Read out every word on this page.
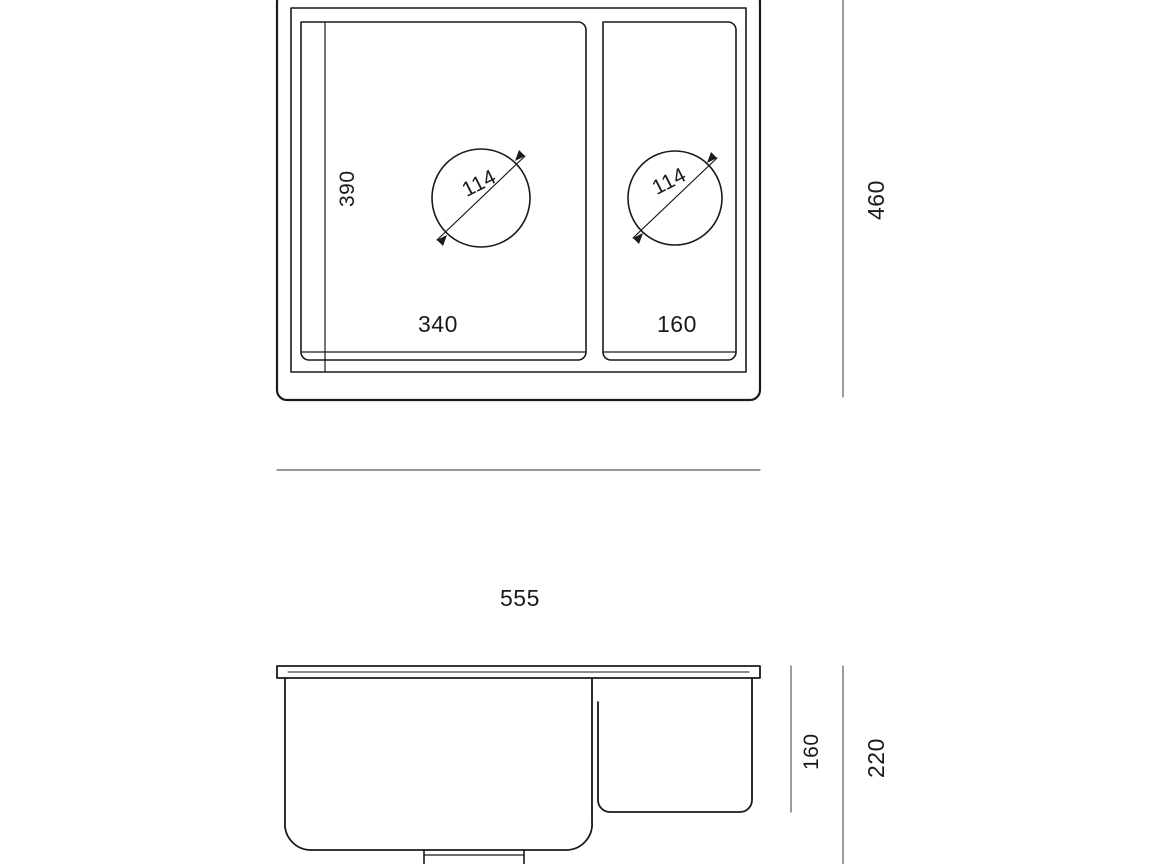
390	114	114
340	160
555
460
160 220
